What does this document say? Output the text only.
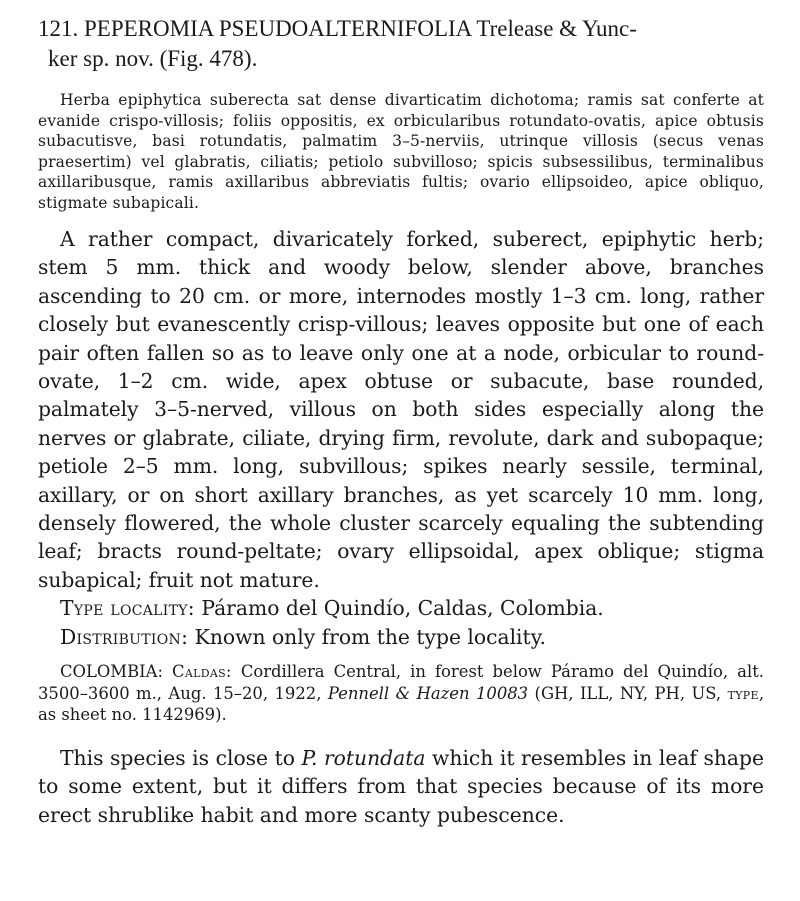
121. PEPEROMIA PSEUDOALTERNIFOLIA Trelease & Yunc-
ker sp. nov. (Fig. 478).

Herba epiphytica suberecta sat dense divarticatim dichotoma; ramis sat conferte at evanide crispo-villosis; foliis oppositis, ex orbicularibus rotundato-ovatis, apice obtusis subacutisve, basi rotundatis, palmatim 3–5-nerviis, utrinque villosis (secus venas praesertim) vel glabratis, ciliatis; petiolo subvilloso; spicis subsessilibus, terminalibus axillaribusque, ramis axillaribus abbreviatis fultis; ovario ellipsoideo, apice obliquo, stigmate subapicali.

A rather compact, divaricately forked, suberect, epiphytic herb; stem 5 mm. thick and woody below, slender above, branches ascending to 20 cm. or more, internodes mostly 1–3 cm. long, rather closely but evanescently crisp-villous; leaves opposite but one of each pair often fallen so as to leave only one at a node, orbicular to round-ovate, 1–2 cm. wide, apex obtuse or subacute, base rounded, palmately 3–5-nerved, villous on both sides especially along the nerves or glabrate, ciliate, drying firm, revolute, dark and subopaque; petiole 2–5 mm. long, subvillous; spikes nearly sessile, terminal, axillary, or on short axillary branches, as yet scarcely 10 mm. long, densely flowered, the whole cluster scarcely equaling the subtending leaf; bracts round-peltate; ovary ellipsoidal, apex oblique; stigma subapical; fruit not mature.

Type locality: Páramo del Quindío, Caldas, Colombia.

Distribution: Known only from the type locality.

COLOMBIA: Caldas: Cordillera Central, in forest below Páramo del Quindío, alt. 3500–3600 m., Aug. 15–20, 1922, Pennell & Hazen 10083 (GH, ILL, NY, PH, US, type, as sheet no. 1142969).

This species is close to P. rotundata which it resembles in leaf shape to some extent, but it differs from that species because of its more erect shrublike habit and more scanty pubescence.
